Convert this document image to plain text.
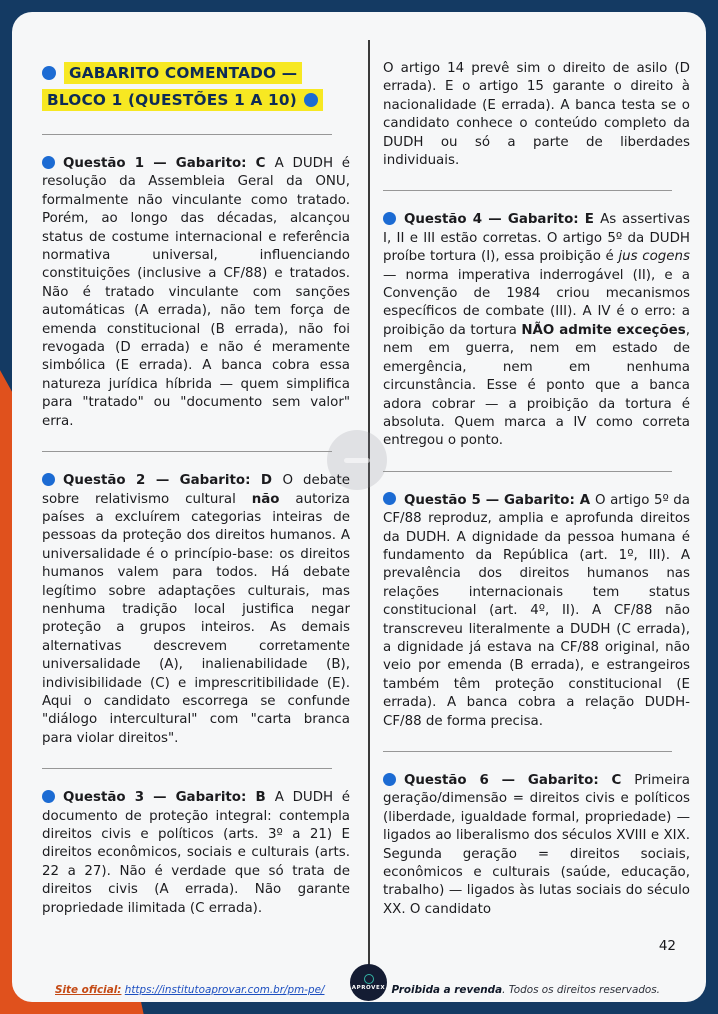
GABARITO COMENTADO — BLOCO 1 (QUESTÕES 1 A 10)
Questão 1 — Gabarito: C A DUDH é resolução da Assembleia Geral da ONU, formalmente não vinculante como tratado. Porém, ao longo das décadas, alcançou status de costume internacional e referência normativa universal, influenciando constituições (inclusive a CF/88) e tratados. Não é tratado vinculante com sanções automáticas (A errada), não tem força de emenda constitucional (B errada), não foi revogada (D errada) e não é meramente simbólica (E errada). A banca cobra essa natureza jurídica híbrida — quem simplifica para "tratado" ou "documento sem valor" erra.
Questão 2 — Gabarito: D O debate sobre relativismo cultural não autoriza países a excluírem categorias inteiras de pessoas da proteção dos direitos humanos. A universalidade é o princípio-base: os direitos humanos valem para todos. Há debate legítimo sobre adaptações culturais, mas nenhuma tradição local justifica negar proteção a grupos inteiros. As demais alternativas descrevem corretamente universalidade (A), inalienabilidade (B), indivisibilidade (C) e imprescritibilidade (E). Aqui o candidato escorrega se confunde "diálogo intercultural" com "carta branca para violar direitos".
Questão 3 — Gabarito: B A DUDH é documento de proteção integral: contempla direitos civis e políticos (arts. 3º a 21) E direitos econômicos, sociais e culturais (arts. 22 a 27). Não é verdade que só trata de direitos civis (A errada). Não garante propriedade ilimitada (C errada).
O artigo 14 prevê sim o direito de asilo (D errada). E o artigo 15 garante o direito à nacionalidade (E errada). A banca testa se o candidato conhece o conteúdo completo da DUDH ou só a parte de liberdades individuais.
Questão 4 — Gabarito: E As assertivas I, II e III estão corretas. O artigo 5º da DUDH proíbe tortura (I), essa proibição é jus cogens — norma imperativa inderrogável (II), e a Convenção de 1984 criou mecanismos específicos de combate (III). A IV é o erro: a proibição da tortura NÃO admite exceções, nem em guerra, nem em estado de emergência, nem em nenhuma circunstância. Esse é ponto que a banca adora cobrar — a proibição da tortura é absoluta. Quem marca a IV como correta entregou o ponto.
Questão 5 — Gabarito: A O artigo 5º da CF/88 reproduz, amplia e aprofunda direitos da DUDH. A dignidade da pessoa humana é fundamento da República (art. 1º, III). A prevalência dos direitos humanos nas relações internacionais tem status constitucional (art. 4º, II). A CF/88 não transcreveu literalmente a DUDH (C errada), a dignidade já estava na CF/88 original, não veio por emenda (B errada), e estrangeiros também têm proteção constitucional (E errada). A banca cobra a relação DUDH-CF/88 de forma precisa.
Questão 6 — Gabarito: C Primeira geração/dimensão = direitos civis e políticos (liberdade, igualdade formal, propriedade) — ligados ao liberalismo dos séculos XVIII e XIX. Segunda geração = direitos sociais, econômicos e culturais (saúde, educação, trabalho) — ligados às lutas sociais do século XX. O candidato
42
Site oficial: https://institutoaprovar.com.br/pm-pe/	Proibida a revenda. Todos os direitos reservados.
APROVEX
